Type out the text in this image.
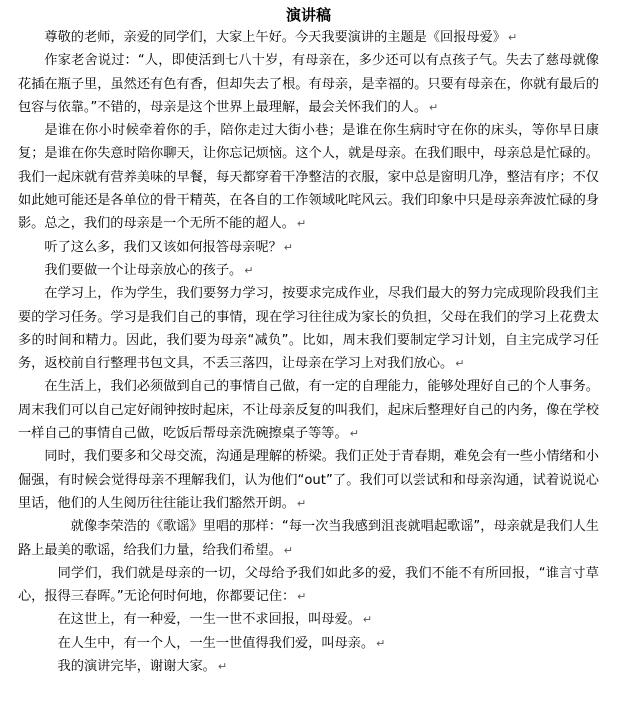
演讲稿

尊敬的老师，亲爱的同学们，大家上午好。今天我要演讲的主题是《回报母爱》 ↵

作家老舍说过：“人，即使活到七八十岁，有母亲在，多少还可以有点孩子气。失去了慈母就像花插在瓶子里，虽然还有色有香，但却失去了根。有母亲，是幸福的。只要有母亲在，你就有最后的包容与依靠。”不错的，母亲是这个世界上最理解，最会关怀我们的人。 ↵

是谁在你小时候牵着你的手，陪你走过大街小巷；是谁在你生病时守在你的床头，等你早日康复；是谁在你失意时陪你聊天，让你忘记烦恼。这个人，就是母亲。在我们眼中，母亲总是忙碌的。我们一起床就有营养美味的早餐，每天都穿着干净整洁的衣服，家中总是窗明几净，整洁有序；不仅如此她可能还是各单位的骨干精英，在各自的工作领域叱咤风云。我们印象中只是母亲奔波忙碌的身影。总之，我们的母亲是一个无所不能的超人。 ↵

听了这么多，我们又该如何报答母亲呢？ ↵

我们要做一个让母亲放心的孩子。 ↵

在学习上，作为学生，我们要努力学习，按要求完成作业，尽我们最大的努力完成现阶段我们主要的学习任务。学习是我们自己的事情，现在学习往往成为家长的负担，父母在我们的学习上花费太多的时间和精力。因此，我们要为母亲“减负”。比如，周末我们要制定学习计划，自主完成学习任务，返校前自行整理书包文具，不丢三落四，让母亲在学习上对我们放心。 ↵

在生活上，我们必须做到自己的事情自己做，有一定的自理能力，能够处理好自己的个人事务。周末我们可以自己定好闹钟按时起床，不让母亲反复的叫我们，起床后整理好自己的内务，像在学校一样自己的事情自己做，吃饭后帮母亲洗碗擦桌子等等。 ↵

同时，我们要多和父母交流，沟通是理解的桥梁。我们正处于青春期，难免会有一些小情绪和小倔强，有时候会觉得母亲不理解我们，认为他们“out”了。我们可以尝试和和母亲沟通，试着说说心里话，他们的人生阅历往往能让我们豁然开朗。 ↵

就像李荣浩的《歌谣》里唱的那样：“每一次当我感到沮丧就唱起歌谣”，母亲就是我们人生路上最美的歌谣，给我们力量，给我们希望。 ↵

同学们，我们就是母亲的一切，父母给予我们如此多的爱，我们不能不有所回报，“谁言寸草心，报得三春晖。”无论何时何地，你都要记住： ↵

在这世上，有一种爱，一生一世不求回报，叫母爱。 ↵

在人生中，有一个人，一生一世值得我们爱，叫母亲。 ↵

我的演讲完毕，谢谢大家。 ↵
